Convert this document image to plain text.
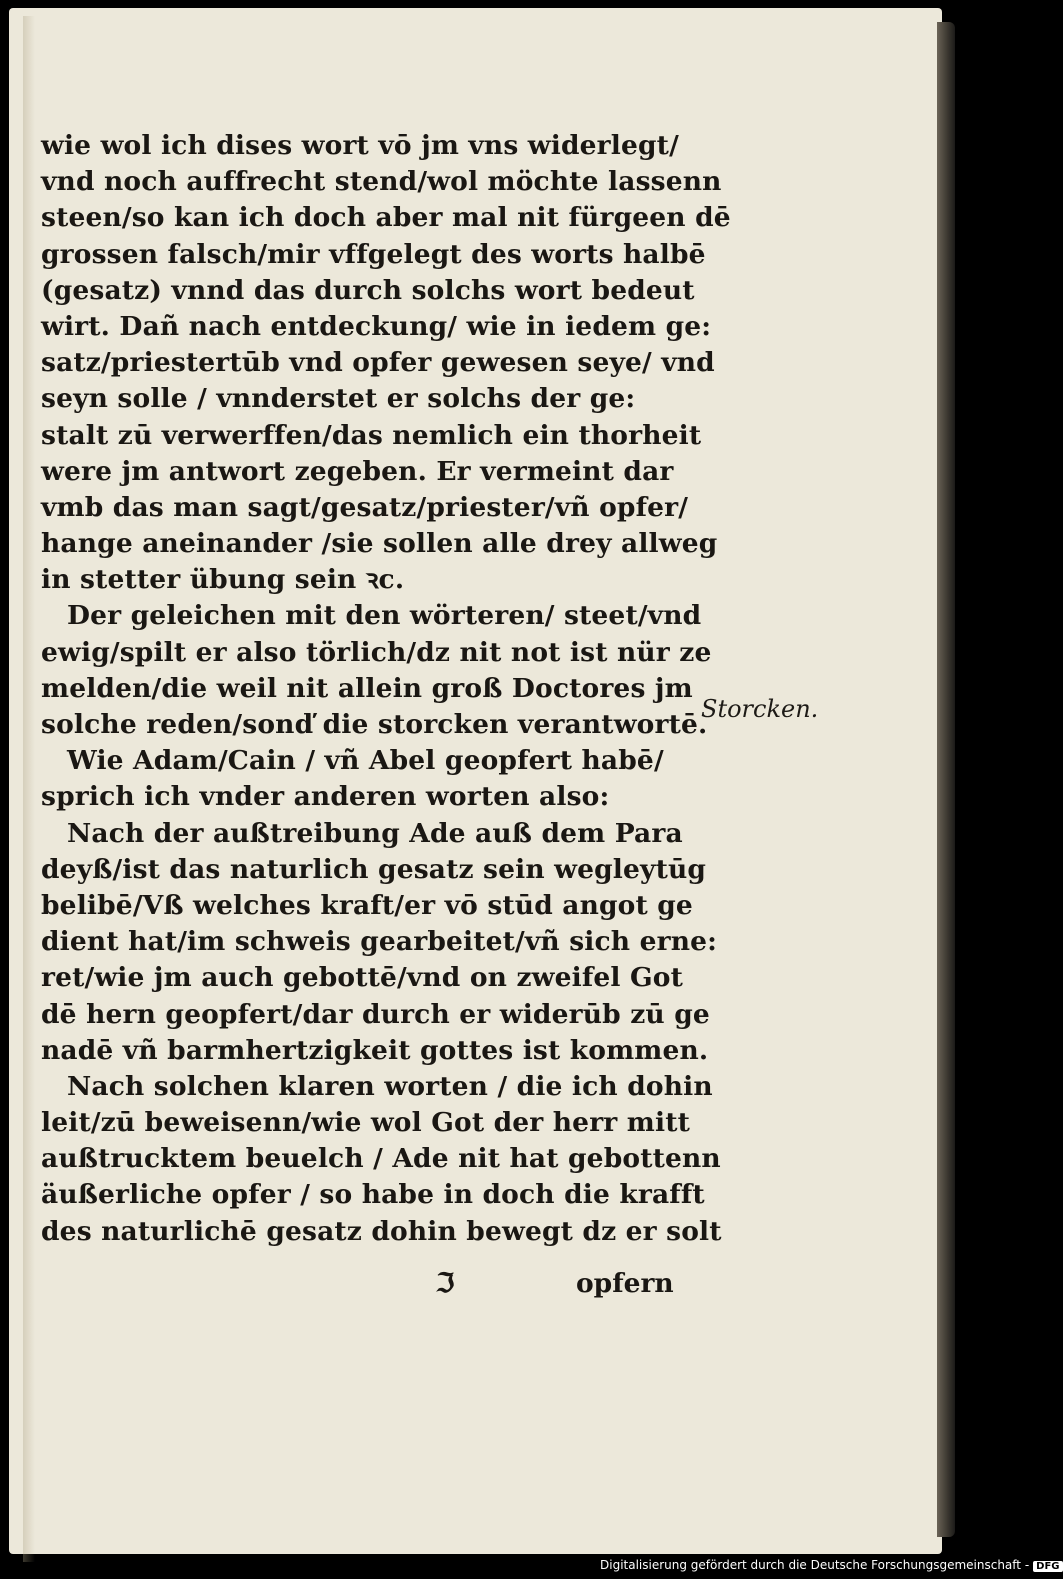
wie wol ich dises wort vō jm vns widerlegt/
vnd noch auffrecht stend/wol möchte lassenn
steen/so kan ich doch aber mal nit fürgeen dē
grossen falsch/mir vffgelegt des worts halbē
(gesatz) vnnd das durch solchs wort bedeut
wirt. Dañ nach entdeckung/ wie in iedem ge:
satz/priestertūb vnd opfer gewesen seye/ vnd
seyn solle / vnnderstet er solchs der ge:
stalt zū verwerffen/das nemlich ein thorheit
were jm antwort zegeben. Er vermeint dar
vmb das man sagt/gesatz/priester/vñ opfer/
hange aneinander /sie sollen alle drey allweg
in stetter übung sein ꝛc.
Der geleichen mit den wörteren/ steet/vnd
ewig/spilt er also törlich/dz nit not ist nür ze
melden/die weil nit allein groß Doctores jm
solche reden/sonď die storcken verantwortē.
Wie Adam/Cain / vñ Abel geopfert habē/
sprich ich vnder anderen worten also:
Nach der außtreibung Ade auß dem Para
deyß/ist das naturlich gesatz sein wegleytūg
belibē/Vß welches kraft/er vō stūd angot ge
dient hat/im schweis gearbeitet/vñ sich erne:
ret/wie jm auch gebottē/vnd on zweifel Got
dē hern geopfert/dar durch er widerūb zū ge
nadē vñ barmhertzigkeit gottes ist kommen.
Nach solchen klaren worten / die ich dohin
leit/zū beweisenn/wie wol Got der herr mitt
außtrucktem beuelch / Ade nit hat gebottenn
äußerliche opfer / so habe in doch die krafft
des naturlichē gesatz dohin bewegt dz er solt
ℑ	opfern
Storcken.
Digitalisierung gefördert durch die Deutsche Forschungsgemeinschaft - DFG
